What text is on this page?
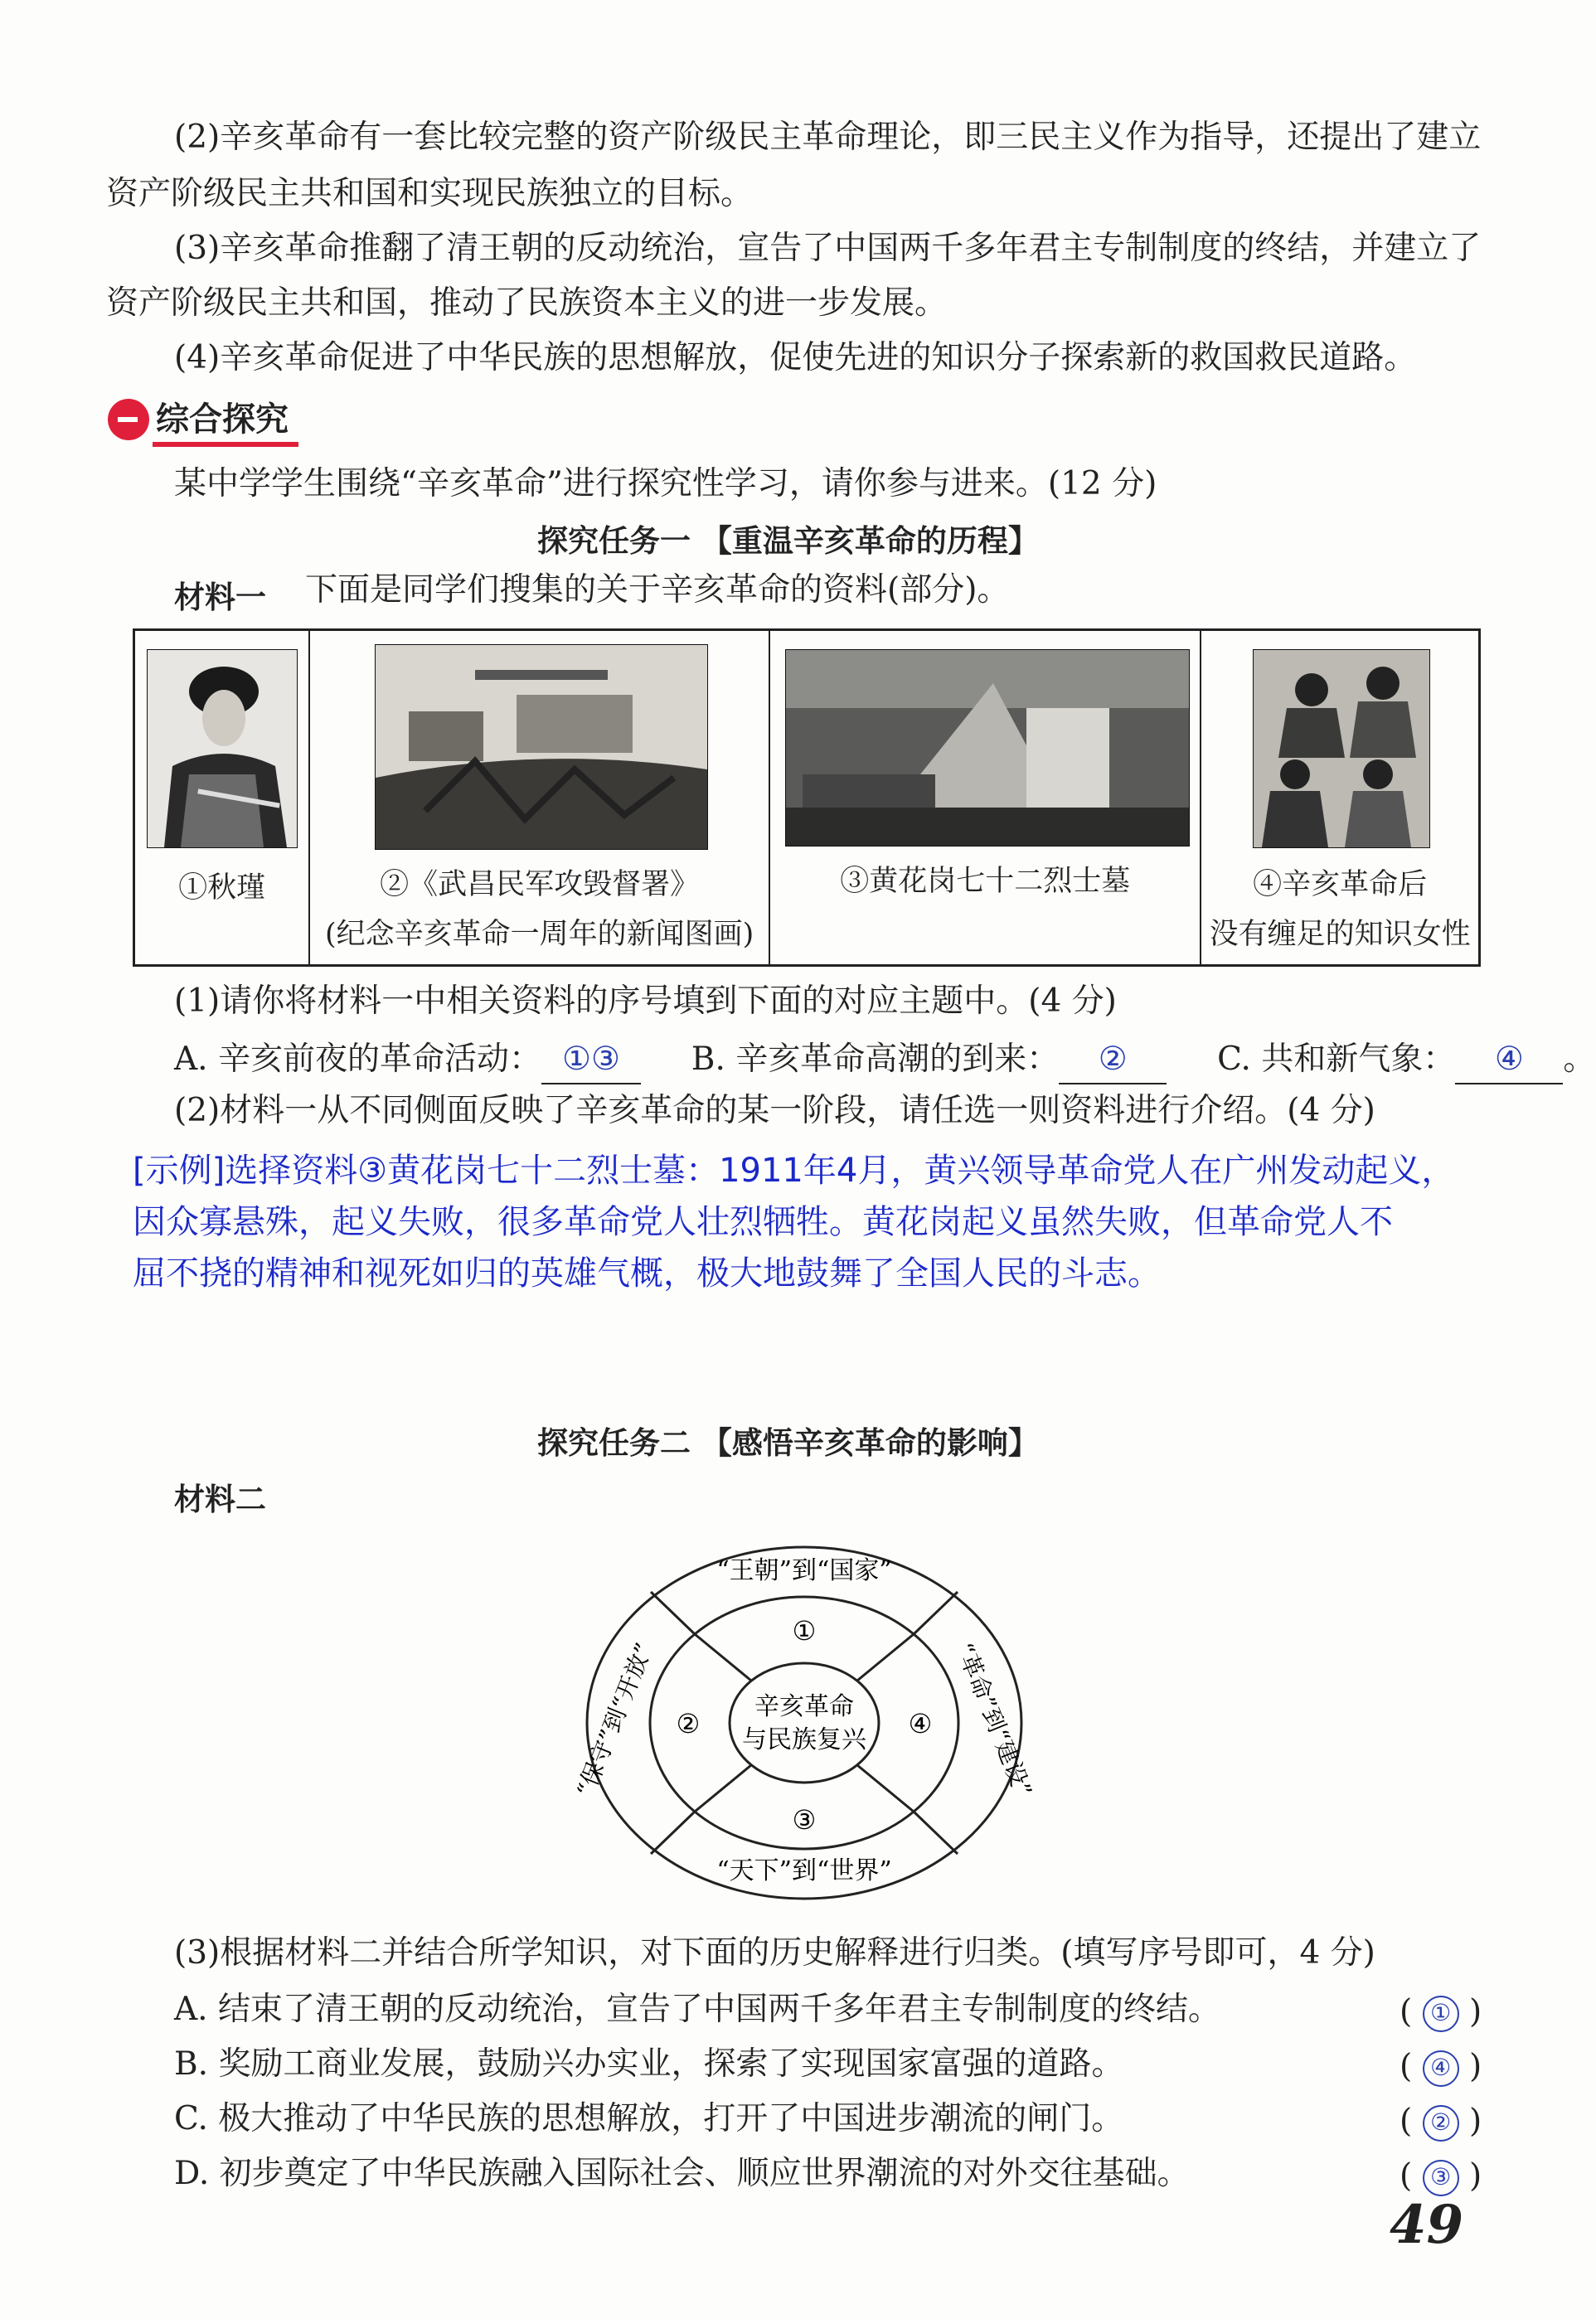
(2)辛亥革命有一套比较完整的资产阶级民主革命理论，即三民主义作为指导，还提出了建立
资产阶级民主共和国和实现民族独立的目标。
(3)辛亥革命推翻了清王朝的反动统治，宣告了中国两千多年君主专制制度的终结，并建立了
资产阶级民主共和国，推动了民族资本主义的进一步发展。
(4)辛亥革命促进了中华民族的思想解放，促使先进的知识分子探索新的救国救民道路。
综合探究
某中学学生围绕“辛亥革命”进行探究性学习，请你参与进来。(12 分)
探究任务一 【重温辛亥革命的历程】
材料一 下面是同学们搜集的关于辛亥革命的资料(部分)。
①秋瑾	②《武昌民军攻毁督署》
(纪念辛亥革命一周年的新闻图画)
③黄花岗七十二烈士墓	④辛亥革命后
没有缠足的知识女性
(1)请你将材料一中相关资料的序号填到下面的对应主题中。(4 分)
A. 辛亥前夜的革命活动： ①③ B. 辛亥革命高潮的到来： ②	C. 共和新气象： ④ 。
(2)材料一从不同侧面反映了辛亥革命的某一阶段，请任选一则资料进行介绍。(4 分)
[示例]选择资料③黄花岗七十二烈士墓：1911年4月，黄兴领导革命党人在广州发动起义，
因众寡悬殊，起义失败，很多革命党人壮烈牺牲。黄花岗起义虽然失败，但革命党人不
屈不挠的精神和视死如归的英雄气概，极大地鼓舞了全国人民的斗志。
探究任务二 【感悟辛亥革命的影响】
材料二
辛亥革命
与民族复兴
“王朝”到“国家”
“天下”到“世界”
“保守”到“开放”	“革命”到“建设”
①
②
③
④
(3)根据材料二并结合所学知识，对下面的历史解释进行归类。(填写序号即可，4 分)
A. 结束了清王朝的反动统治，宣告了中国两千多年君主专制制度的终结。	( ① )
B. 奖励工商业发展，鼓励兴办实业，探索了实现国家富强的道路。	( ④ )
C. 极大推动了中华民族的思想解放，打开了中国进步潮流的闸门。	( ② )
D. 初步奠定了中华民族融入国际社会、顺应世界潮流的对外交往基础。	( ③ )
49
